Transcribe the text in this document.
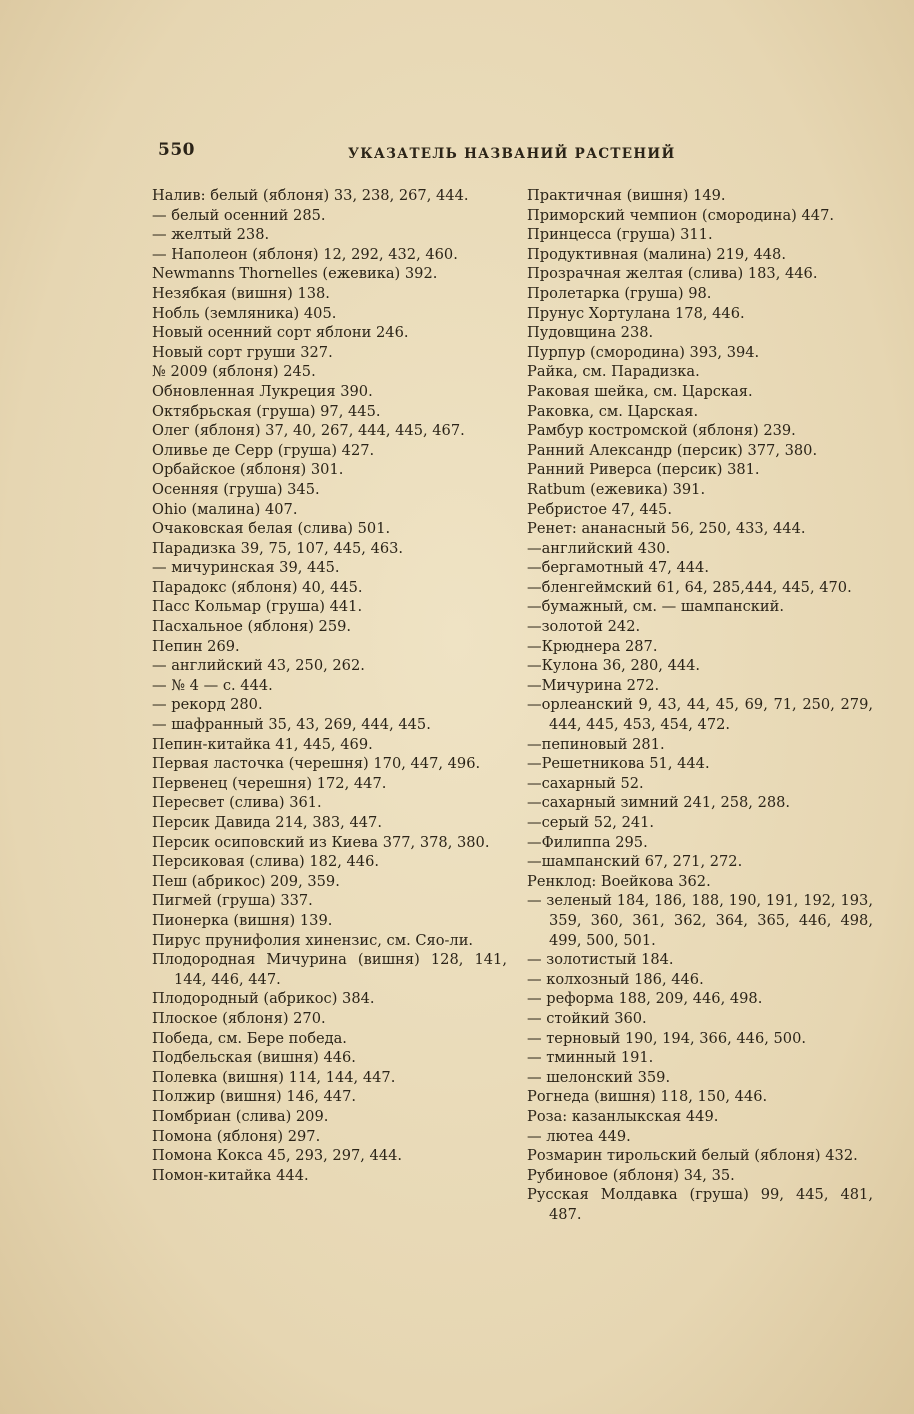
550	УКАЗАТЕЛЬ НАЗВАНИЙ РАСТЕНИЙ

Налив: белый (яблоня) 33, 238, 267, 444.

— белый осенний 285.

— желтый 238.

— Наполеон (яблоня) 12, 292, 432, 460.

Newmanns Thornelles (ежевика) 392.

Незябкая (вишня) 138.

Нобль (земляника) 405.

Новый осенний сорт яблони 246.

Новый сорт груши 327.

№ 2009 (яблоня) 245.

Обновленная Лукреция 390.

Октябрьская (груша) 97, 445.

Олег (яблоня) 37, 40, 267, 444, 445, 467.

Оливье де Серр (груша) 427.

Орбайское (яблоня) 301.

Осенняя (груша) 345.

Ohio (малина) 407.

Очаковская белая (слива) 501.

Парадизка 39, 75, 107, 445, 463.

— мичуринская 39, 445.

Парадокс (яблоня) 40, 445.

Пасс Кольмар (груша) 441.

Пасхальное (яблоня) 259.

Пепин 269.

— английский 43, 250, 262.

— № 4 — с. 444.

— рекорд 280.

— шафранный 35, 43, 269, 444, 445.

Пепин-китайка 41, 445, 469.

Первая ласточка (черешня) 170, 447, 496.

Первенец (черешня) 172, 447.

Пересвет (слива) 361.

Персик Давида 214, 383, 447.

Персик осиповский из Киева 377, 378, 380.

Персиковая (слива) 182, 446.

Пеш (абрикос) 209, 359.

Пигмей (груша) 337.

Пионерка (вишня) 139.

Пирус прунифолия хинензис, см. Сяо-ли.

Плодородная Мичурина (вишня) 128, 141, 144, 446, 447.

Плодородный (абрикос) 384.

Плоское (яблоня) 270.

Победа, см. Бере победа.

Подбельская (вишня) 446.

Полевка (вишня) 114, 144, 447.

Полжир (вишня) 146, 447.

Помбриан (слива) 209.

Помона (яблоня) 297.

Помона Кокса 45, 293, 297, 444.

Помон-китайка 444.

Практичная (вишня) 149.

Приморский чемпион (смородина) 447.

Принцесса (груша) 311.

Продуктивная (малина) 219, 448.

Прозрачная желтая (слива) 183, 446.

Пролетарка (груша) 98.

Прунус Хортулана 178, 446.

Пудовщина 238.

Пурпур (смородина) 393, 394.

Райка, см. Парадизка.

Раковая шейка, см. Царская.

Раковка, см. Царская.

Рамбур костромской (яблоня) 239.

Ранний Александр (персик) 377, 380.

Ранний Риверса (персик) 381.

Ratbum (ежевика) 391.

Ребристое 47, 445.

Ренет: ананасный 56, 250, 433, 444.

—английский 430.

—бергамотный 47, 444.

—бленгеймский 61, 64, 285,444, 445, 470.

—бумажный, см. — шампанский.

—золотой 242.

—Крюднера 287.

—Кулона 36, 280, 444.

—Мичурина 272.

—орлеанский 9, 43, 44, 45, 69, 71, 250, 279, 444, 445, 453, 454, 472.

—пепиновый 281.

—Решетникова 51, 444.

—сахарный 52.

—сахарный зимний 241, 258, 288.

—серый 52, 241.

—Филиппа 295.

—шампанский 67, 271, 272.

Ренклод: Воейкова 362.

— зеленый 184, 186, 188, 190, 191, 192, 193, 359, 360, 361, 362, 364, 365, 446, 498, 499, 500, 501.

— золотистый 184.

— колхозный 186, 446.

— реформа 188, 209, 446, 498.

— стойкий 360.

— терновый 190, 194, 366, 446, 500.

— тминный 191.

— шелонский 359.

Рогнеда (вишня) 118, 150, 446.

Роза: казанлыкская 449.

— лютеа 449.

Розмарин тирольский белый (яблоня) 432.

Рубиновое (яблоня) 34, 35.

Русская Молдавка (груша) 99, 445, 481, 487.
